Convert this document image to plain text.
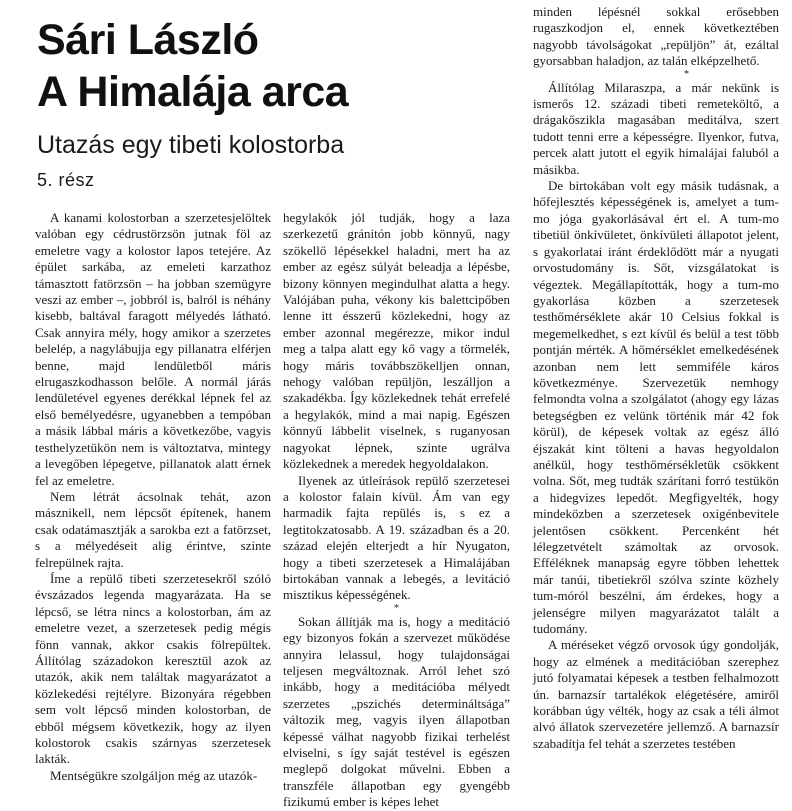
Sári László
A Himalája arca
Utazás egy tibeti kolostorba
5. rész

A kanami kolostorban a szerzetesjelöltek valóban egy cédrustörzsön jutnak föl az emeletre vagy a kolostor lapos tetejére. Az épület sarkába, az emeleti karzathoz támasztott fatörzsön – ha jobban szemügyre veszi az ember –, jobbról is, balról is néhány kisebb, baltával faragott mélyedés látható. Csak annyira mély, hogy amikor a szerzetes belelép, a nagylábujja egy pillanatra elférjen benne, majd lendületből máris elrugaszkodhasson belőle. A normál járás lendületével egyenes derékkal lépnek fel az első bemélyedésre, ugyanebben a tempóban a másik lábbal máris a következőbe, vagyis testhelyzetükön nem is változtatva, mintegy a levegőben lépegetve, pillanatok alatt érnek fel az emeletre.

Nem létrát ácsolnak tehát, azon másznikell, nem lépcsőt építenek, hanem csak odatámasztják a sarokba ezt a fatörzset, s a mélyedéseit alig érintve, szinte felrepülnek rajta.

Íme a repülő tibeti szerzetesekről szóló évszázados legenda magyarázata. Ha se lépcső, se létra nincs a kolostorban, ám az emeletre vezet, a szerzetesek pedig mégis fönn vannak, akkor csakis fölrepültek. Állítólag századokon keresztül azok az utazók, akik nem találtak magyarázatot a közlekedési rejtélyre. Bizonyára régebben sem volt lépcső minden kolostorban, de ebből mégsem következik, hogy az ilyen kolostorok csakis szárnyas szerzetesek lakták.

Mentségükre szolgáljon még az utazók-

hegylakók jól tudják, hogy a laza szerkezetű gránitón jobb könnyű, nagy szökellő lépésekkel haladni, mert ha az ember az egész súlyát beleadja a lépésbe, bizony könnyen megindulhat alatta a hegy. Valójában puha, vékony kis balettcipőben lenne itt ésszerű közlekedni, hogy az ember azonnal megérezze, mikor indul meg a talpa alatt egy kő vagy a törmelék, hogy máris továbbszökelljen onnan, nehogy valóban repüljön, leszálljon a szakadékba. Így közlekednek tehát errefelé a hegylakók, mind a mai napig. Egészen könnyű lábbelit viselnek, s ruganyosan nagyokat lépnek, szinte ugrálva közlekednek a meredek hegyoldalakon.

Ilyenek az útleírások repülő szerzetesei a kolostor falain kívül. Ám van egy harmadik fajta repülés is, s ez a legtitokzatosabb. A 19. században és a 20. század elején elterjedt a hír Nyugaton, hogy a tibeti szerzetesek a Himalájában birtokában vannak a lebegés, a levitáció misztikus képességének.

*

Sokan állítják ma is, hogy a meditáció egy bizonyos fokán a szervezet működése annyira lelassul, hogy tulajdonságai teljesen megváltoznak. Arról lehet szó inkább, hogy a meditációba mélyedt szerzetes „pszichés determináltsága” változik meg, vagyis ilyen állapotban képessé válhat nagyobb fizikai terhelést elviselni, s így saját testével is egészen meglepő dolgokat művelni. Ebben a transzféle állapotban egy gyengébb fizikumú ember is képes lehet

minden lépésnél sokkal erősebben rugaszkodjon el, ennek következtében nagyobb távolságokat „repüljön” át, ezáltal gyorsabban haladjon, az talán elképzelhető.

*

Állítólag Milaraszpa, a már nekünk is ismerős 12. századi tibeti remeteköltő, a drágakőszikla magasában meditálva, szert tudott tenni erre a képességre. Ilyenkor, futva, percek alatt jutott el egyik himalájai faluból a másikba.

De birtokában volt egy másik tudásnak, a hőfejlesztés képességének is, amelyet a tum-mo jóga gyakorlásával ért el. A tum-mo tibetiül önkívületet, önkívületi állapotot jelent, s gyakorlatai iránt érdeklődött már a nyugati orvostudomány is. Sőt, vizsgálatokat is végeztek. Megállapították, hogy a tum-mo gyakorlása közben a szerzetesek testhőmérséklete akár 10 Celsius fokkal is megemelkedhet, s ezt kívül és belül a test több pontján mérték. A hőmérséklet emelkedésének azonban nem lett semmiféle káros következménye. Szervezetük nemhogy felmondta volna a szolgálatot (ahogy egy lázas betegségben ez velünk történik már 42 fok körül), de képesek voltak az egész álló éjszakát kint tölteni a havas hegyoldalon anélkül, hogy testhőmérsékletük csökkent volna. Sőt, meg tudták szárítani forró testükön a hidegvizes lepedőt. Megfigyelték, hogy mindeközben a szerzetesek oxigénbevitele jelentősen csökkent. Percenként hét lélegzetvételt számoltak az orvosok. Efféléknek manapság egyre többen lehettek már tanúi, tibetiekről szólva szinte közhely tum-móról beszélni, ám érdekes, hogy a jelenségre milyen magyarázatot talált a tudomány.

A méréseket végző orvosok úgy gondolják, hogy az elmének a meditációban szerephez jutó folyamatai képesek a testben felhalmozott ún. barnazsír tartalékok elégetésére, amiről korábban úgy vélték, hogy az csak a téli álmot alvó állatok szervezetére jellemző. A barnazsír szabadítja fel tehát a szerzetes testében
